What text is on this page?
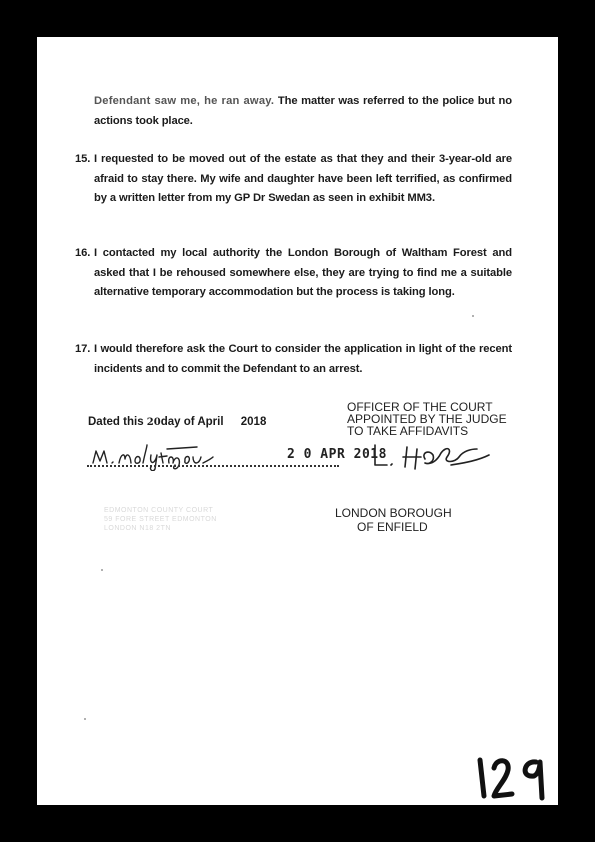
Defendant saw me, he ran away. The matter was referred to the police but no actions took place.
15. I requested to be moved out of the estate as that they and their 3-year-old are afraid to stay there. My wife and daughter have been left terrified, as confirmed by a written letter from my GP Dr Swedan as seen in exhibit MM3.
16. I contacted my local authority the London Borough of Waltham Forest and asked that I be rehoused somewhere else, they are trying to find me a suitable alternative temporary accommodation but the process is taking long.
17. I would therefore ask the Court to consider the application in light of the recent incidents and to commit the Defendant to an arrest.
OFFICER OF THE COURT
APPOINTED BY THE JUDGE
TO TAKE AFFIDAVITS
Dated this 20day of April 2018
2 0 APR 2018
EDMONTON COUNTY COURT
59 FORE STREET EDMONTON
LONDON N18 2TN
LONDON BOROUGH
OF ENFIELD
